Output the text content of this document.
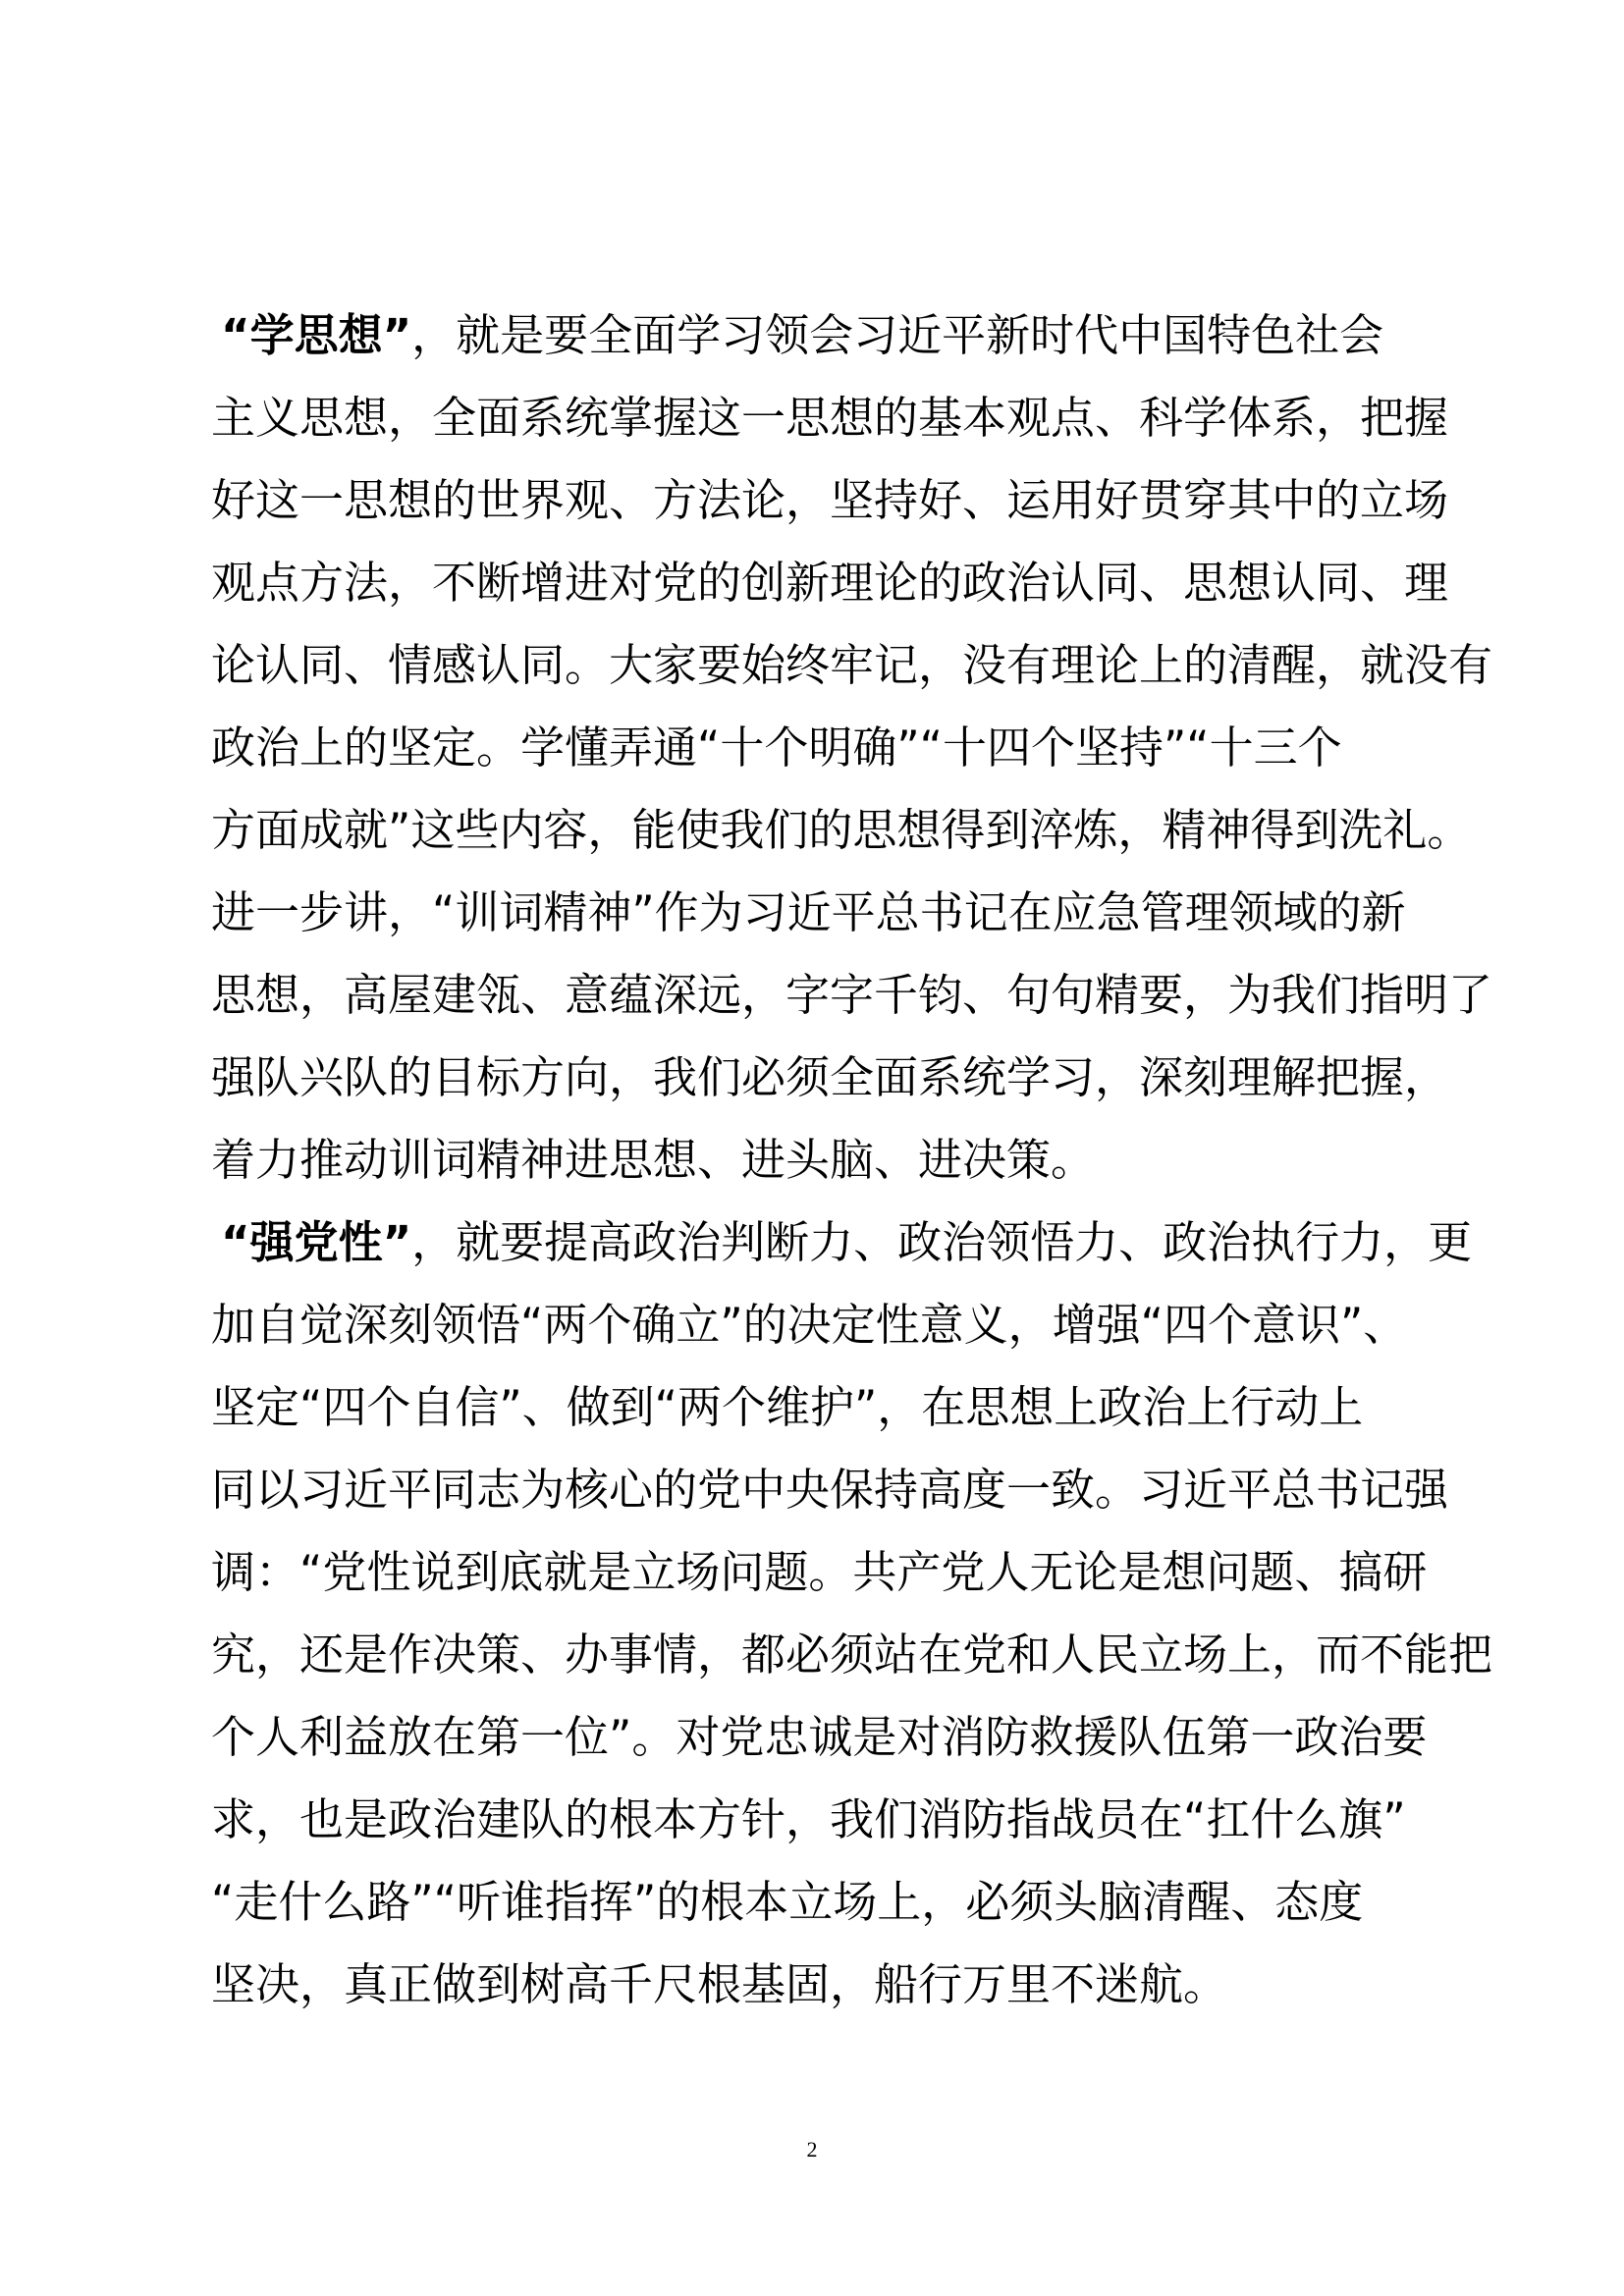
“学思想”，就是要全面学习领会习近平新时代中国特色社会
主义思想，全面系统掌握这一思想的基本观点、科学体系，把握
好这一思想的世界观、方法论，坚持好、运用好贯穿其中的立场
观点方法，不断增进对党的创新理论的政治认同、思想认同、理
论认同、情感认同。大家要始终牢记，没有理论上的清醒，就没有
政治上的坚定。学懂弄通“十个明确”“十四个坚持”“十三个
方面成就”这些内容，能使我们的思想得到淬炼，精神得到洗礼。
进一步讲，“训词精神”作为习近平总书记在应急管理领域的新
思想，高屋建瓴、意蕴深远，字字千钧、句句精要，为我们指明了
强队兴队的目标方向，我们必须全面系统学习，深刻理解把握，
着力推动训词精神进思想、进头脑、进决策。
“强党性”，就要提高政治判断力、政治领悟力、政治执行力，更
加自觉深刻领悟“两个确立”的决定性意义，增强“四个意识”、
坚定“四个自信”、做到“两个维护”，在思想上政治上行动上
同以习近平同志为核心的党中央保持高度一致。习近平总书记强
调：“党性说到底就是立场问题。共产党人无论是想问题、搞研
究，还是作决策、办事情，都必须站在党和人民立场上，而不能把
个人利益放在第一位”。对党忠诚是对消防救援队伍第一政治要
求，也是政治建队的根本方针，我们消防指战员在“扛什么旗”
“走什么路”“听谁指挥”的根本立场上，必须头脑清醒、态度
坚决，真正做到树高千尺根基固，船行万里不迷航。
2
